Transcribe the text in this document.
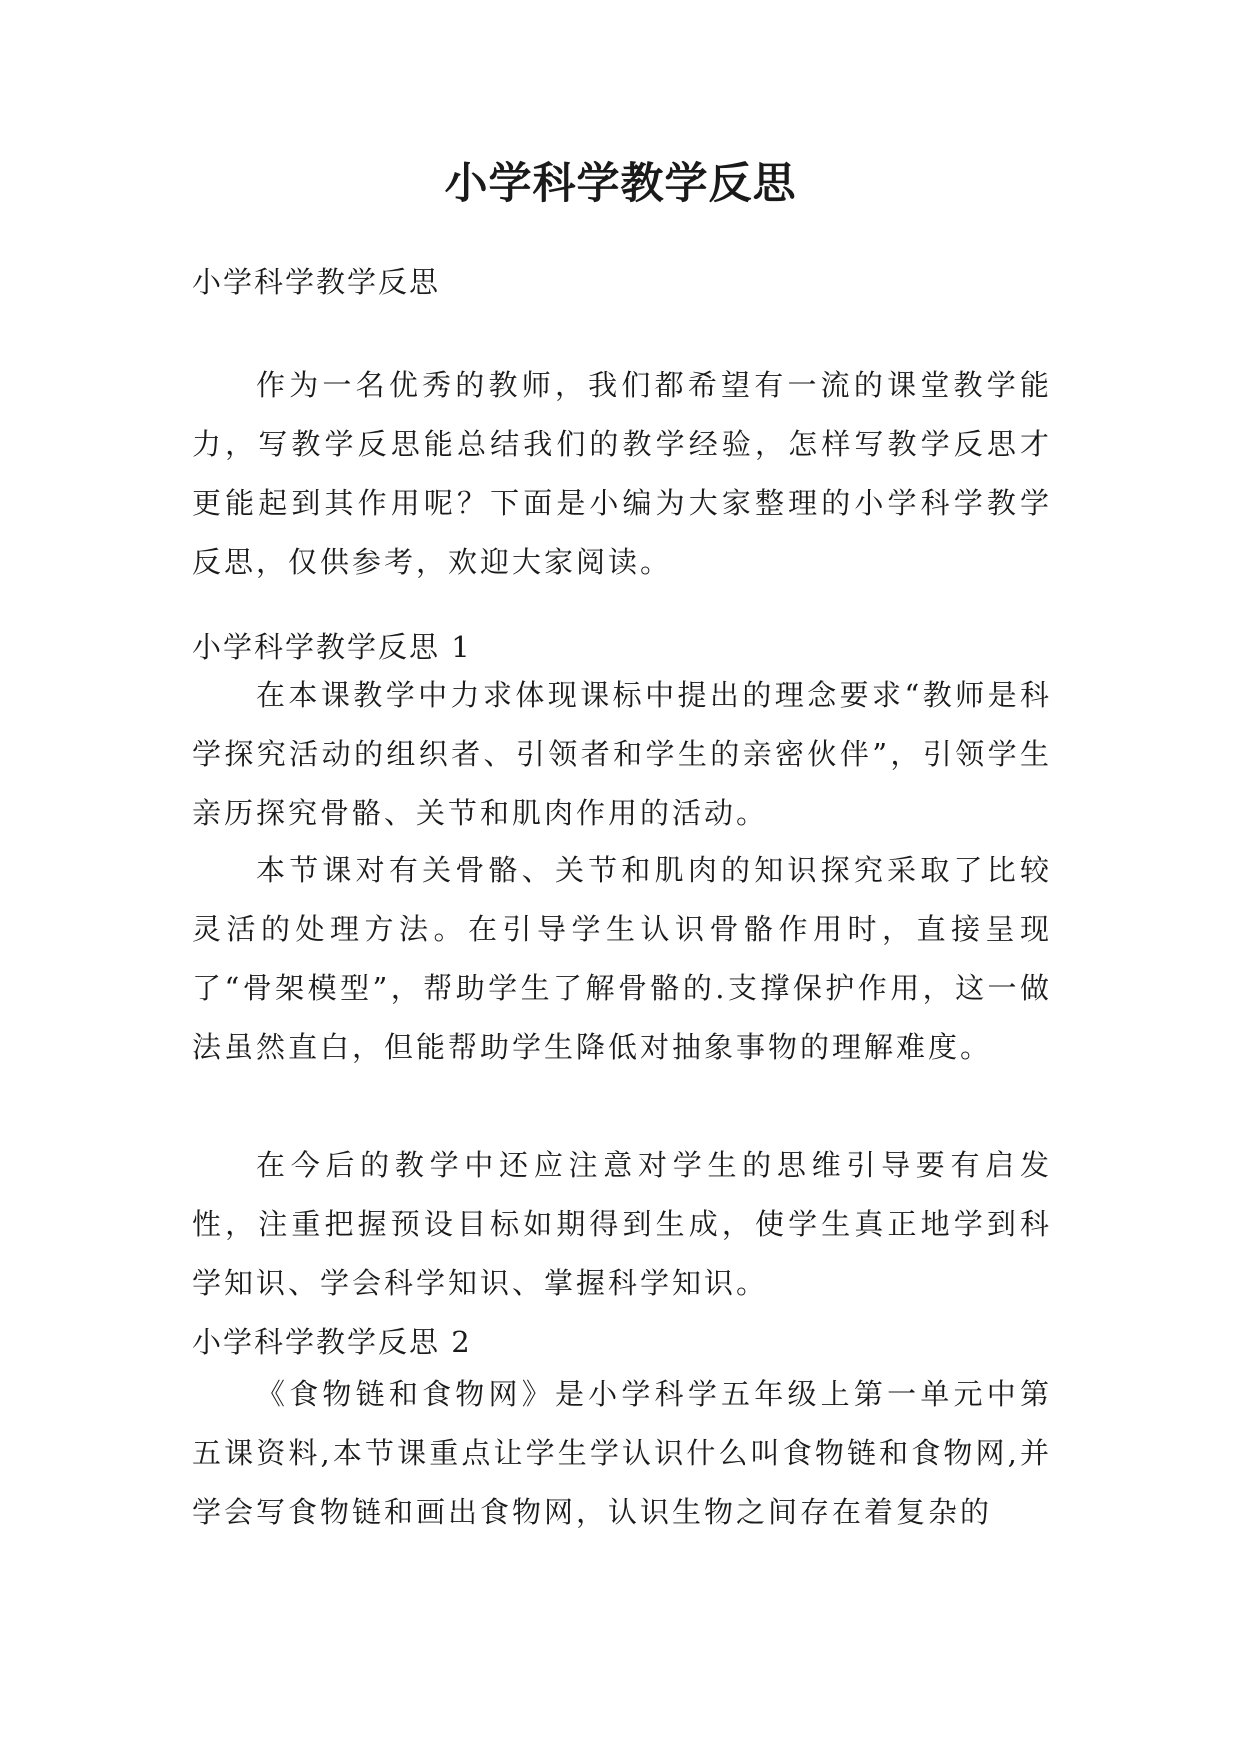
小学科学教学反思

小学科学教学反思

作为一名优秀的教师，我们都希望有一流的课堂教学能力，写教学反思能总结我们的教学经验，怎样写教学反思才更能起到其作用呢？下面是小编为大家整理的小学科学教学反思，仅供参考，欢迎大家阅读。

小学科学教学反思 1

在本课教学中力求体现课标中提出的理念要求“教师是科学探究活动的组织者、引领者和学生的亲密伙伴”，引领学生亲历探究骨骼、关节和肌肉作用的活动。

本节课对有关骨骼、关节和肌肉的知识探究采取了比较灵活的处理方法。在引导学生认识骨骼作用时，直接呈现了“骨架模型”，帮助学生了解骨骼的.支撑保护作用，这一做法虽然直白，但能帮助学生降低对抽象事物的理解难度。

在今后的教学中还应注意对学生的思维引导要有启发性，注重把握预设目标如期得到生成，使学生真正地学到科学知识、学会科学知识、掌握科学知识。

小学科学教学反思 2

《食物链和食物网》是小学科学五年级上第一单元中第五课资料,本节课重点让学生学认识什么叫食物链和食物网,并学会写食物链和画出食物网，认识生物之间存在着复杂的
